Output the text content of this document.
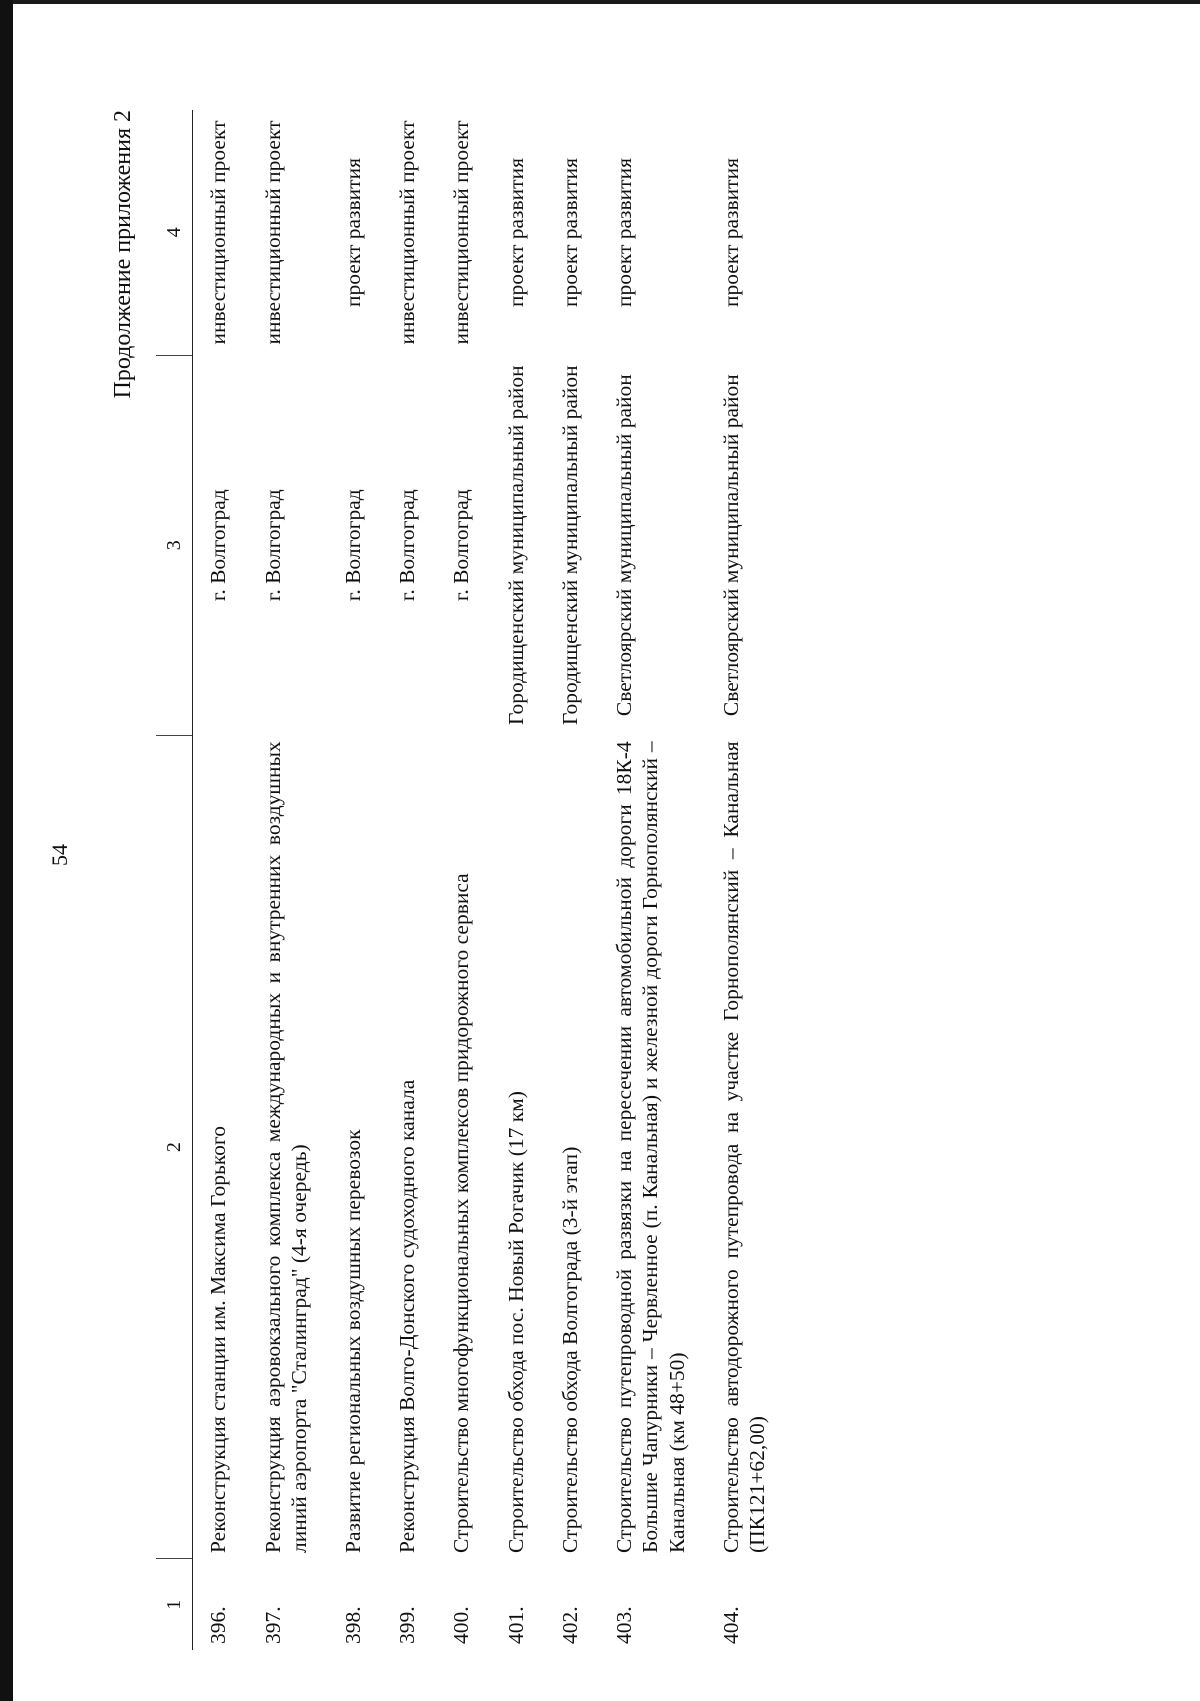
54
Продолжение приложения 2
1	2	3	4
396.	Реконструкция станции им. Максима Горького	г. Волгоград	инвестиционный проект
397.	Реконструкция аэровокзального комплекса международных и внутренних воздушных линий аэропорта "Сталинград" (4-я очередь)	г. Волгоград	инвестиционный проект
398.	Развитие региональных воздушных перевозок	г. Волгоград	проект развития
399.	Реконструкция Волго-Донского судоходного канала	г. Волгоград	инвестиционный проект
400.	Строительство многофункциональных комплексов придорожного сервиса	г. Волгоград	инвестиционный проект
401.	Строительство обхода пос. Новый Рогачик (17 км)	Городищенский муниципальный район	проект развития
402.	Строительство обхода Волгограда (3-й этап)	Городищенский муниципальный район	проект развития
403.	Строительство путепроводной развязки на пересечении автомобильной дороги 18К-4 Большие Чапурники – Червленное (п. Канальная) и железной дороги Горнополянский – Канальная (км 48+50)	Светлоярский муниципальный район	проект развития
404.	Строительство автодорожного путепровода на участке Горнополянский – Канальная (ПК121+62,00)	Светлоярский муниципальный район	проект развития
